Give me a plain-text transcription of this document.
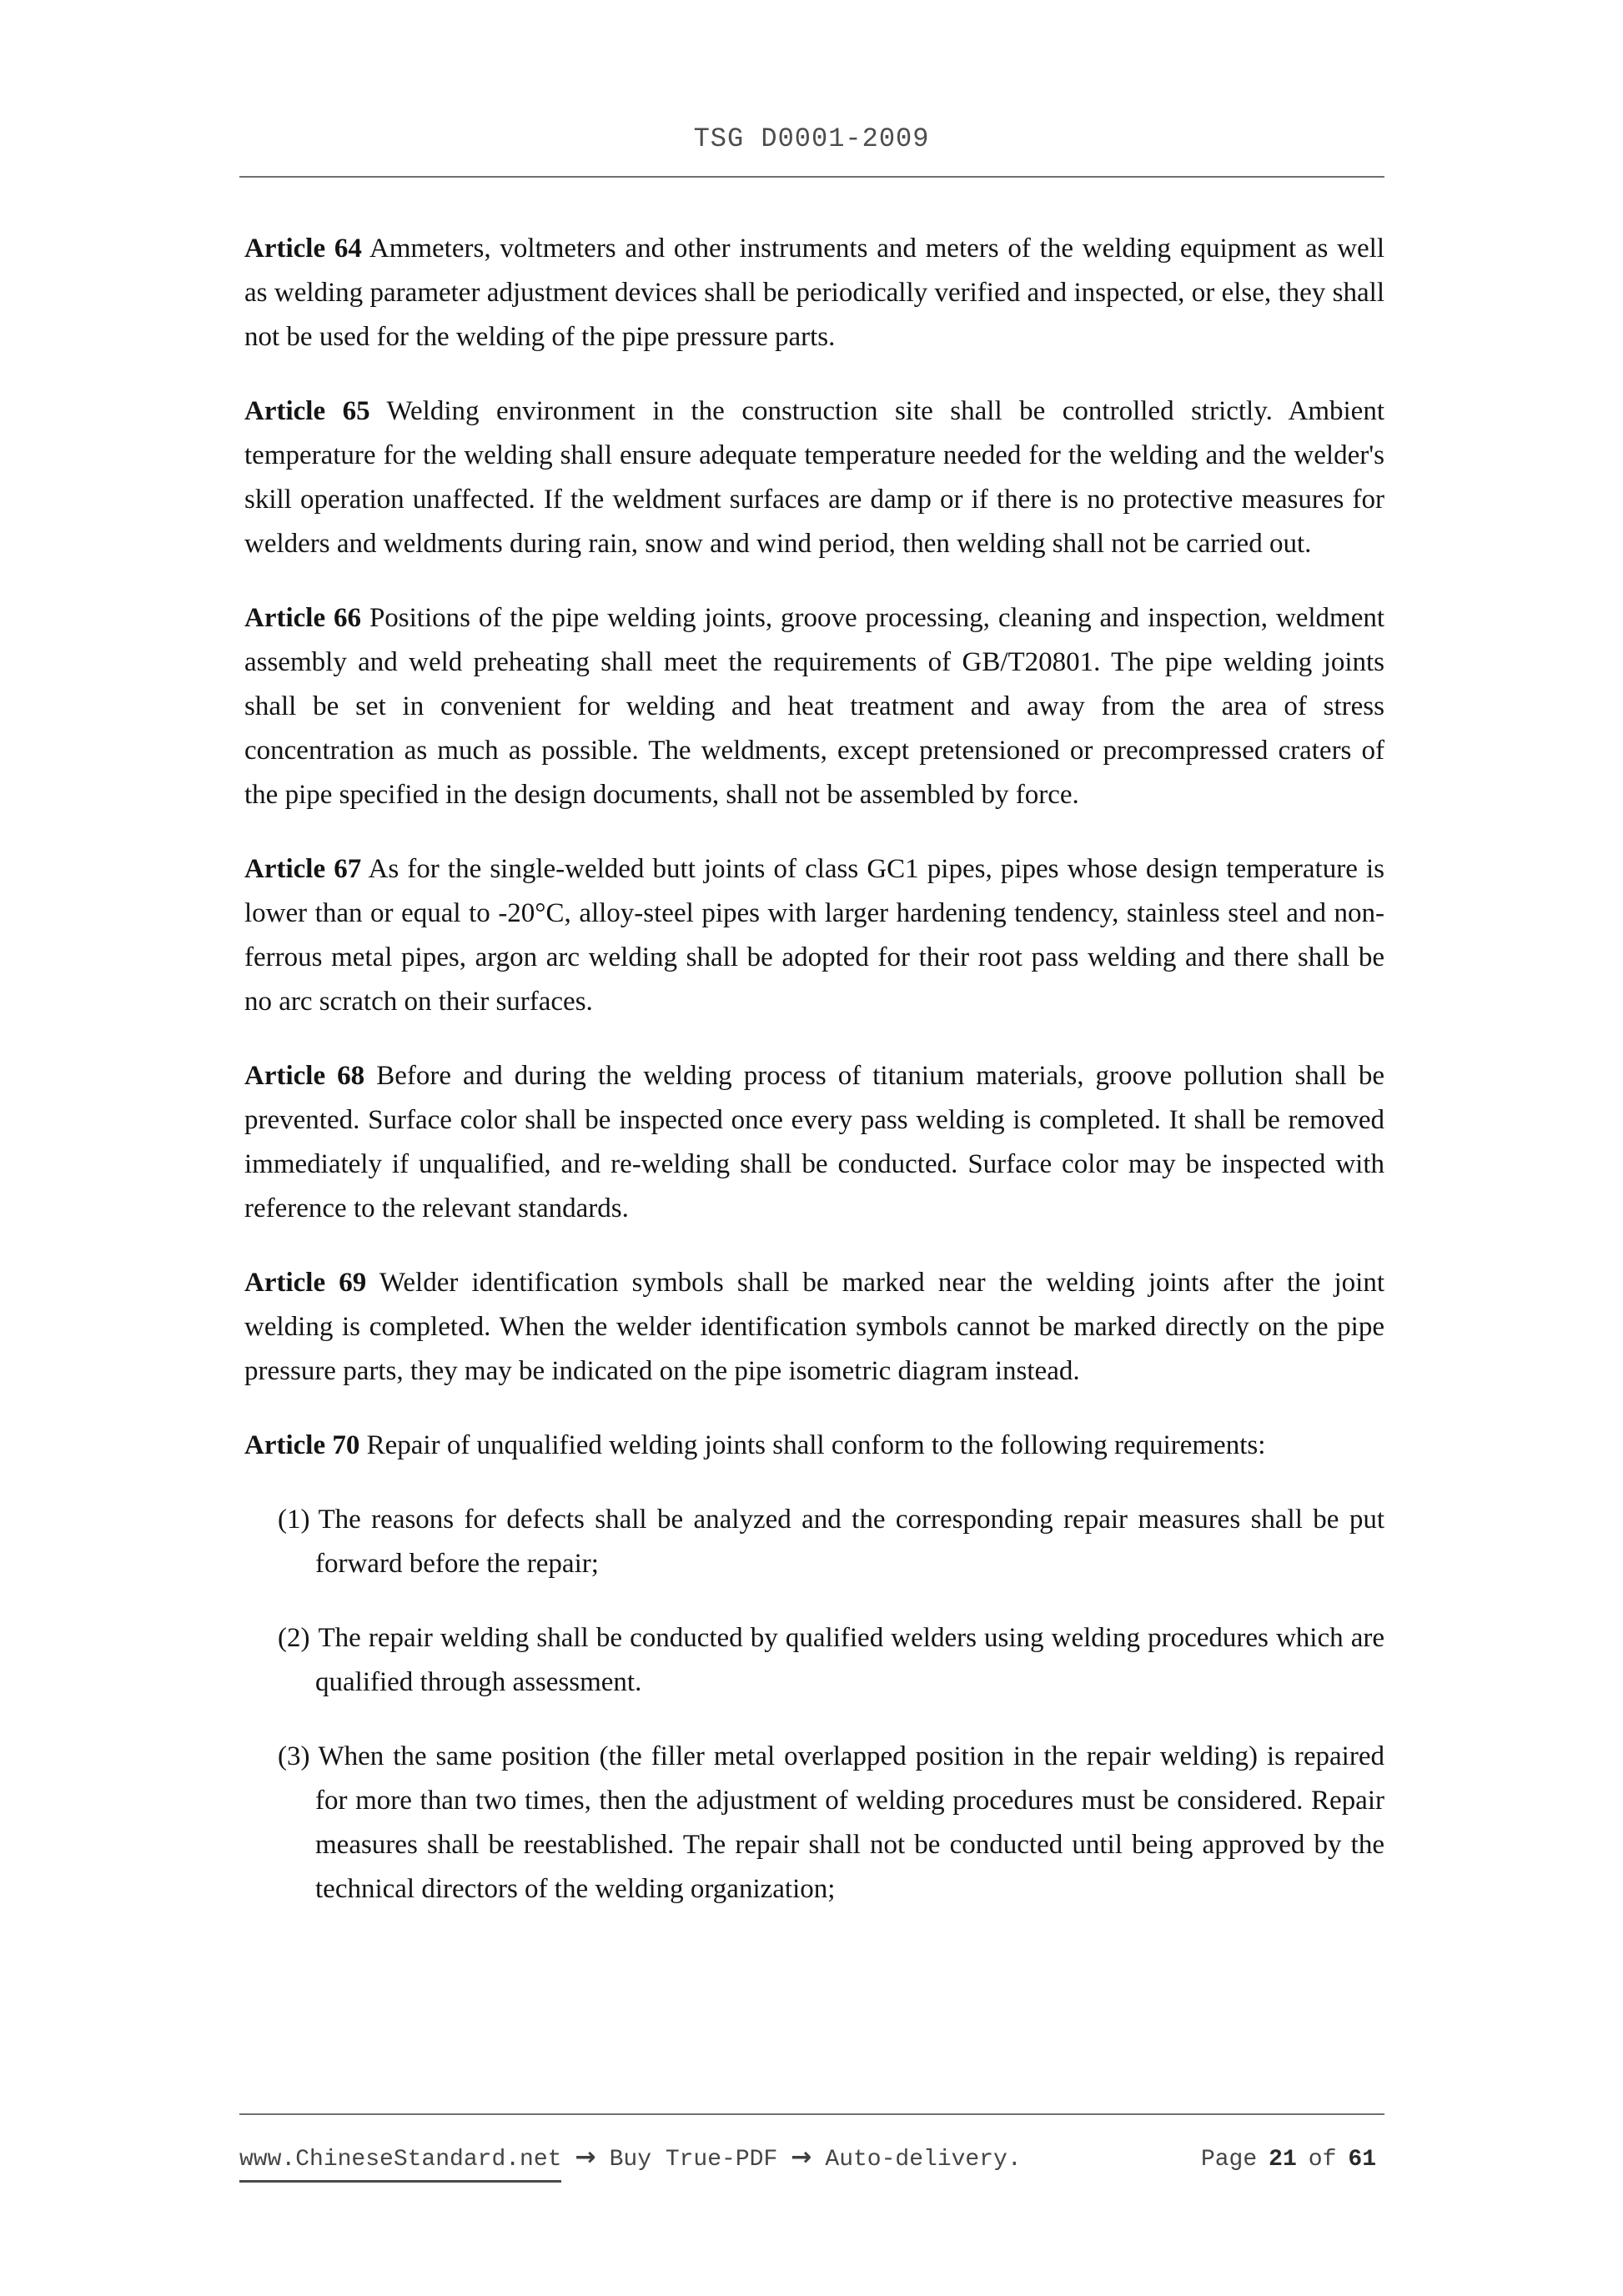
TSG D0001-2009

Article 64 Ammeters, voltmeters and other instruments and meters of the welding equipment as well as welding parameter adjustment devices shall be periodically verified and inspected, or else, they shall not be used for the welding of the pipe pressure parts.

Article 65 Welding environment in the construction site shall be controlled strictly. Ambient temperature for the welding shall ensure adequate temperature needed for the welding and the welder's skill operation unaffected. If the weldment surfaces are damp or if there is no protective measures for welders and weldments during rain, snow and wind period, then welding shall not be carried out.

Article 66 Positions of the pipe welding joints, groove processing, cleaning and inspection, weldment assembly and weld preheating shall meet the requirements of GB/T20801. The pipe welding joints shall be set in convenient for welding and heat treatment and away from the area of stress concentration as much as possible. The weldments, except pretensioned or precompressed craters of the pipe specified in the design documents, shall not be assembled by force.

Article 67 As for the single-welded butt joints of class GC1 pipes, pipes whose design temperature is lower than or equal to -20°C, alloy-steel pipes with larger hardening tendency, stainless steel and non-ferrous metal pipes, argon arc welding shall be adopted for their root pass welding and there shall be no arc scratch on their surfaces.

Article 68 Before and during the welding process of titanium materials, groove pollution shall be prevented. Surface color shall be inspected once every pass welding is completed. It shall be removed immediately if unqualified, and re-welding shall be conducted. Surface color may be inspected with reference to the relevant standards.

Article 69 Welder identification symbols shall be marked near the welding joints after the joint welding is completed. When the welder identification symbols cannot be marked directly on the pipe pressure parts, they may be indicated on the pipe isometric diagram instead.

Article 70 Repair of unqualified welding joints shall conform to the following requirements:

(1) The reasons for defects shall be analyzed and the corresponding repair measures shall be put forward before the repair;

(2) The repair welding shall be conducted by qualified welders using welding procedures which are qualified through assessment.

(3) When the same position (the filler metal overlapped position in the repair welding) is repaired for more than two times, then the adjustment of welding procedures must be considered. Repair measures shall be reestablished. The repair shall not be conducted until being approved by the technical directors of the welding organization;

www.ChineseStandard.net → Buy True-PDF → Auto-delivery.	Page 21 of 61
